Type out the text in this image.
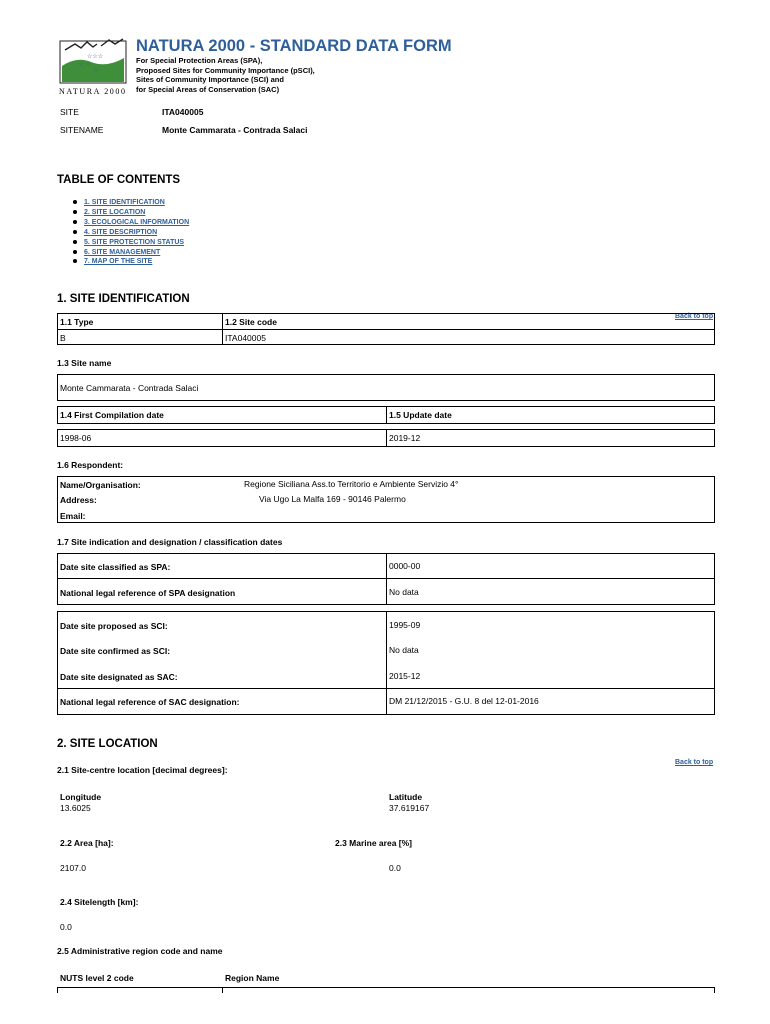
☆☆☆
☆ ☆
☆
NATURA 2000
NATURA 2000 - STANDARD DATA FORM
For Special Protection Areas (SPA),
Proposed Sites for Community Importance (pSCI),
Sites of Community Importance (SCI) and
for Special Areas of Conservation (SAC)
SITE	ITA040005
SITENAME	Monte Cammarata - Contrada Salaci
TABLE OF CONTENTS
1. SITE IDENTIFICATION
2. SITE LOCATION
3. ECOLOGICAL INFORMATION
4. SITE DESCRIPTION
5. SITE PROTECTION STATUS
6. SITE MANAGEMENT
7. MAP OF THE SITE
1. SITE IDENTIFICATION
Back to top
1.1 Type	1.2 Site code
B	ITA040005
1.3 Site name
Monte Cammarata - Contrada Salaci
1.4 First Compilation date	1.5 Update date
1998-06	2019-12
1.6 Respondent:
Name/Organisation:	Regione Siciliana Ass.to Territorio e Ambiente Servizio 4°
Address:	Via Ugo La Malfa 169 - 90146 Palermo
Email:
1.7 Site indication and designation / classification dates
Date site classified as SPA:	0000-00
National legal reference of SPA designation	No data
Date site proposed as SCI:	1995-09
Date site confirmed as SCI:	No data
Date site designated as SAC:	2015-12
National legal reference of SAC designation:	DM 21/12/2015 - G.U. 8 del 12-01-2016
2. SITE LOCATION
Back to top
2.1 Site-centre location [decimal degrees]:
Longitude
13.6025
Latitude
37.619167
2.2 Area [ha]:	2.3 Marine area [%]
2107.0	0.0
2.4 Sitelength [km]:
0.0
2.5 Administrative region code and name
NUTS level 2 code	Region Name
